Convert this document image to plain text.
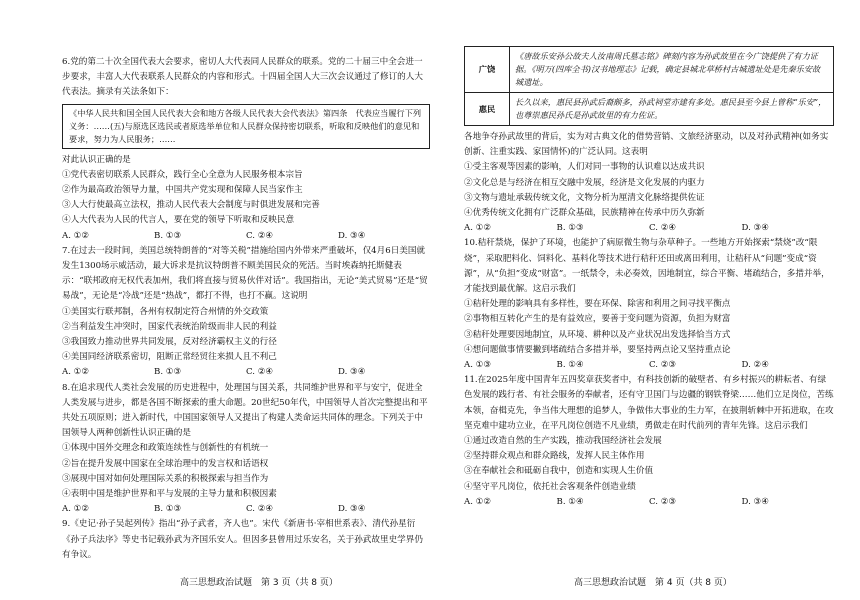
6.党的第二十次全国代表大会要求，密切人大代表同人民群众的联系。党的二十届三中全会进一步要求，丰富人大代表联系人民群众的内容和形式。十四届全国人大三次会议通过了修订的人大代表法。摘录有关法条如下：

《中华人民共和国全国人民代表大会和地方各级人民代表大会代表法》第四条　代表应当履行下列义务：……(五)与原选区选民或者原选举单位和人民群众保持密切联系，听取和反映他们的意见和要求，努力为人民服务；……

对此认识正确的是

①党代表密切联系人民群众，践行全心全意为人民服务根本宗旨

②作为最高政治领导力量，中国共产党实现和保障人民当家作主

③人大行使最高立法权，推动人民代表大会制度与时俱进发展和完善

④人大代表为人民的代言人，要在党的领导下听取和反映民意

A. ①②	B. ①③	C. ②④	D. ③④

7.在过去一段时间，美国总统特朗普的“对等关税”措施给国内外带来严重破坏，仅4月6日美国就发生1300场示威活动，最大诉求是抗议特朗普不顾美国民众的死活。当时埃森纳托斯健表示：“联邦政府无权代表加州，我们将直接与贸易伙伴对话”。我国指出，无论“美式贸易”还是“贸易战”，无论是“冷战”还是“热战”，都打不得，也打不赢。这说明

①美国实行联邦制，各州有权制定符合州情的外交政策

②当利益发生冲突时，国家代表统治阶级而非人民的利益

③我国致力推动世界共同发展，反对经济霸权主义的行径

④美国同经济联系密切，阻断正常经贸往来损人且不利己

A. ①②	B. ①③	C. ②④	D. ③④

8.在追求现代人类社会发展的历史进程中，处理国与国关系，共同维护世界和平与安宁，促进全人类发展与进步，都是各国不断探索的重大命题。20世纪50年代，中国领导人首次完整提出和平共处五项原则；进入新时代，中国国家领导人又提出了构建人类命运共同体的理念。下列关于中国领导人两种创新性认识正确的是

①体现中国外交理念和政策连续性与创新性的有机统一

②旨在提升发展中国家在全球治理中的发言权和话语权

③展现中国对如何处理国际关系的积极探索与担当作为

④表明中国是维护世界和平与发展的主导力量和积极因素

A. ①②	B. ①③	C. ②④	D. ③④

9.《史记·孙子吴起列传》指出“孙子武者，齐人也”。宋代《新唐书·宰相世系表》、清代孙星衍《孙子兵法序》等史书记载孙武为齐国乐安人。但因多县曾用过乐安名，关于孙武故里史学界仍有争议。

广饶	《唐故乐安孙公故夫人汝南周氏墓志铭》碑刻内容为孙武故里在今广饶提供了有力证据。《明万(四库全书)汉书地理志》记载，确定县城北草桥村古城遗址处是先秦乐安故城遗址。
惠民	长久以来，惠民县孙武后裔颇多，孙武祠堂亦建有多处。惠民县至今县上曾称“乐安”，也尊崇惠民孙氏是孙武故里的有力佐证。

各地争夺孙武故里的背后，实为对古典文化的借势营销、文旅经济驱动，以及对孙武精神(如务实创新、注重实践、家国情怀)的广泛认同。这表明

①受主客观等因素的影响，人们对同一事物的认识难以达成共识

②文化总是与经济在相互交融中发展，经济是文化发展的内驱力

③文物与遗址承载传统文化，文物分析为厘清文化脉络提供佐证

④优秀传统文化拥有广泛群众基础，民族精神在传承中历久弥新

A. ①②	B. ①③	C. ②④	D. ③④

10.秸秆禁烧，保护了环境，也能护了病原微生物与杂草种子。一些地方开始探索“禁烧”改“限烧”，采取肥料化、饲料化、基料化等技术进行秸秆还田或离田利用，让秸秆从“问题”变成“资源”，从“负担”变成“财富”。一纸禁令，未必奏效，因地制宜，综合平衡、堵疏结合，多措并举，才能找到最优解。这启示我们

①秸秆处理的影响具有多样性，要在环保、除害和利用之间寻找平衡点

②事物相互转化产生的是有益效应，要善于变问题为资源，负担为财富

③秸秆处理要因地制宜，从环境、耕种以及产业状况出发选择恰当方式

④想问题做事情要撇到堵疏结合多措并举，要坚持两点论又坚持重点论

A. ①③	B. ①④	C. ②③	D. ②④

11.在2025年度中国青年五四奖章获奖者中，有科技创新的破壁者、有乡村振兴的耕耘者、有绿色发展的践行者、有社会服务的奉献者，还有守卫国门与边疆的钢铁脊梁……他们立足岗位，苦练本领，奋楫克先，争当伟大理想的追梦人，争做伟大事业的生力军，在披荆斩棘中开拓进取，在攻坚克难中建功立业，在平凡岗位创造不凡业绩，勇做走在时代前列的青年先锋。这启示我们

①通过改造自然的生产实践，推动我国经济社会发展

②坚持群众观点和群众路线，发挥人民主体作用

③在奉献社会和砥砺自我中，创造和实现人生价值

④坚守平凡岗位，依托社会客观条件创造业绩

A. ①②	B. ①④	C. ②③	D. ③④
高三思想政治试题　第 3 页（共 8 页）	高三思想政治试题　第 4 页（共 8 页）
